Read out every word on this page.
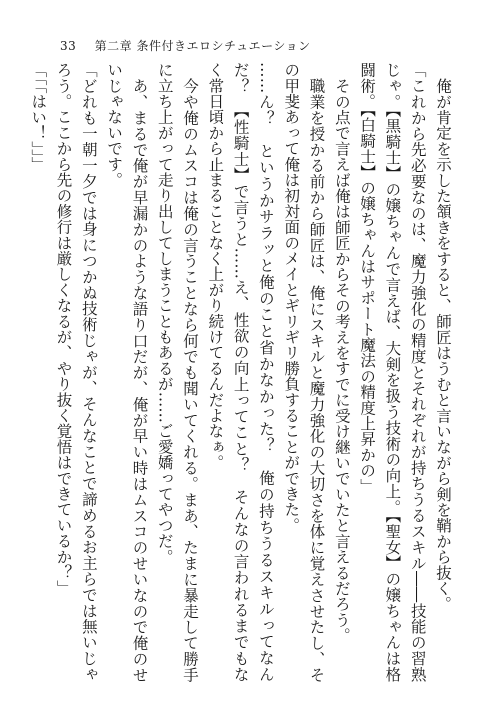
33 第二章 条件付きエロシチュエーション

俺が肯定を示した頷きをすると、師匠はうむと言いながら剣を鞘から抜く。

「これから先必要なのは、魔力強化の精度とそれぞれが持ちうるスキル――技能の習熟じゃ。【黒騎士】の嬢ちゃんで言えば、大剣を扱う技術の向上。【聖女】の嬢ちゃんは格闘術。【白騎士】の嬢ちゃんはサポート魔法の精度上昇かの」

その点で言えば俺は師匠からその考えをすでに受け継いでいたと言えるだろう。

職業を授かる前から師匠は、俺にスキルと魔力強化の大切さを体に覚えさせたし、その甲斐あって俺は初対面のメイとギリギリ勝負することができた。

……ん？　というかサラッと俺のこと省かなかった？　俺の持ちうるスキルってなんだ？　【性騎士】で言うと……え、性欲の向上ってこと？　そんなの言われるまでもなく常日頃から止まることなく上がり続けてるんだよなぁ。

今や俺のムスコは俺の言うことなら何でも聞いてくれる。まあ、たまに暴走して勝手に立ち上がって走り出してしまうこともあるが……ご愛嬌ってやつだ。

あ、まるで俺が早漏かのような語り口だが、俺が早い時はムスコのせいなので俺のせいじゃないです。

「どれも一朝一夕では身につかぬ技術じゃが、そんなことで諦めるお主らでは無いじゃろう。ここから先の修行は厳しくなるが、やり抜く覚悟はできているか？」

「「「はい！」」」
